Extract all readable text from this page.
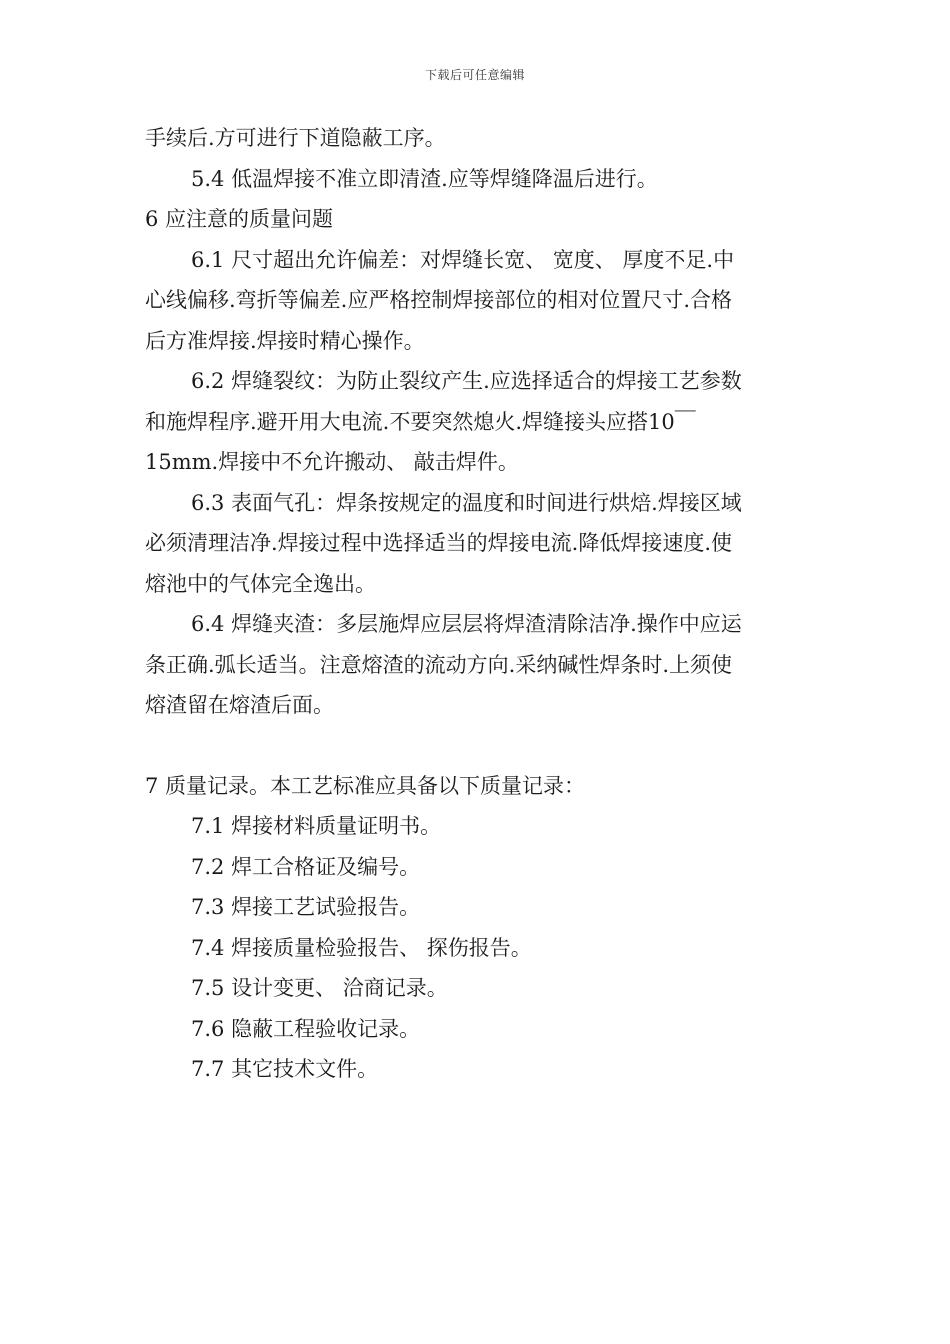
下载后可任意编辑
手续后.方可进行下道隐蔽工序。
5.4 低温焊接不准立即清渣.应等焊缝降温后进行。
6 应注意的质量问题
6.1 尺寸超出允许偏差：对焊缝长宽、 宽度、 厚度不足.中
心线偏移.弯折等偏差.应严格控制焊接部位的相对位置尺寸.合格
后方准焊接.焊接时精心操作。
6.2 焊缝裂纹：为防止裂纹产生.应选择适合的焊接工艺参数
和施焊程序.避开用大电流.不要突然熄火.焊缝接头应搭10￣
15mm.焊接中不允许搬动、 敲击焊件。
6.3 表面气孔：焊条按规定的温度和时间进行烘焙.焊接区域
必须清理洁净.焊接过程中选择适当的焊接电流.降低焊接速度.使
熔池中的气体完全逸出。
6.4 焊缝夹渣：多层施焊应层层将焊渣清除洁净.操作中应运
条正确.弧长适当。注意熔渣的流动方向.采纳碱性焊条时.上须使
熔渣留在熔渣后面。
7 质量记录。本工艺标准应具备以下质量记录：
7.1 焊接材料质量证明书。
7.2 焊工合格证及编号。
7.3 焊接工艺试验报告。
7.4 焊接质量检验报告、 探伤报告。
7.5 设计变更、 洽商记录。
7.6 隐蔽工程验收记录。
7.7 其它技术文件。
